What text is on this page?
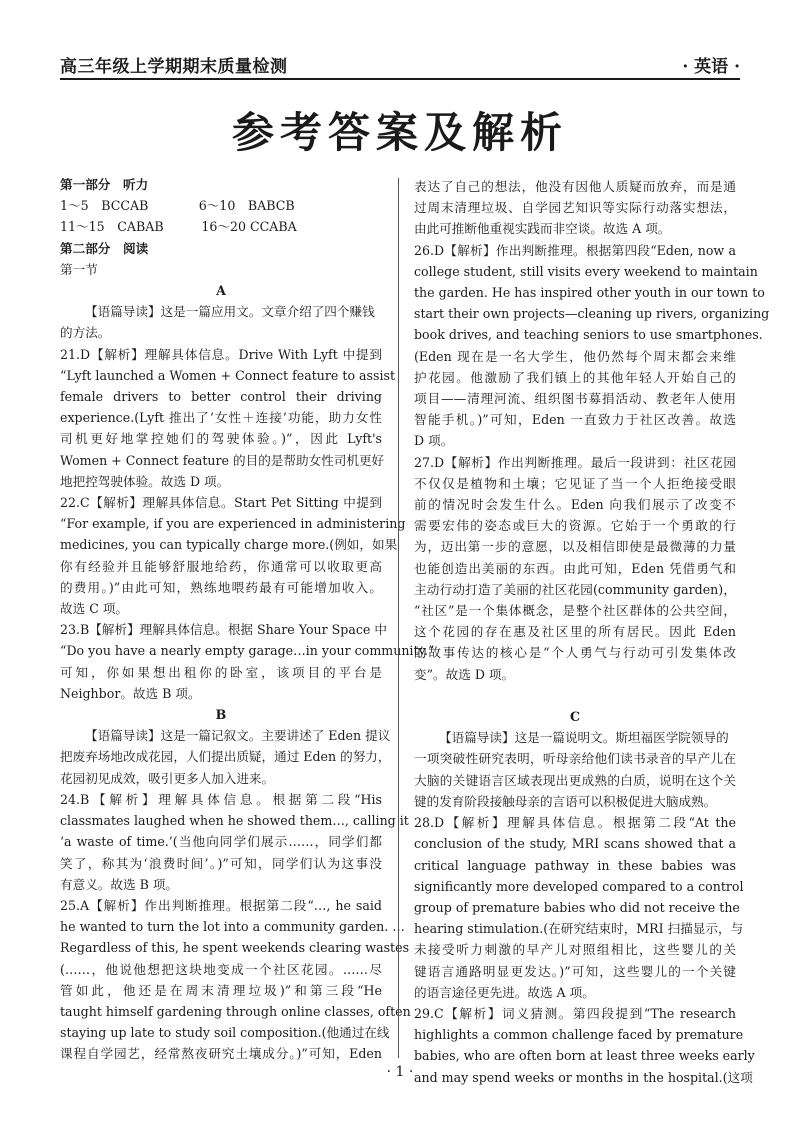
高三年级上学期期末质量检测	· 英语 ·
参考答案及解析
第一部分　听力
1～5　BCCAB　　　　6～10　BABCB
11～15　CABAB　　　16～20 CCABA
第二部分　阅读
第一节
A
【语篇导读】这是一篇应用文。文章介绍了四个赚钱
的方法。
21.D【解析】理解具体信息。Drive With Lyft 中提到
“Lyft launched a Women + Connect feature to assist
female drivers to better control their driving
experience.(Lyft 推出了‘女性＋连接’功能，助力女性
司机更好地掌控她们的驾驶体验。)”，因此 Lyft's
Women + Connect feature 的目的是帮助女性司机更好
地把控驾驶体验。故选 D 项。
22.C【解析】理解具体信息。Start Pet Sitting 中提到
“For example, if you are experienced in administering
medicines, you can typically charge more.(例如，如果
你有经验并且能够舒服地给药，你通常可以收取更高
的费用。)”由此可知，熟练地喂药最有可能增加收入。
故选 C 项。
23.B【解析】理解具体信息。根据 Share Your Space 中
“Do you have a nearly empty garage…in your community.”
可知，你如果想出租你的卧室，该项目的平台是
Neighbor。故选 B 项。
B
【语篇导读】这是一篇记叙文。主要讲述了 Eden 提议
把废弃场地改成花园，人们提出质疑，通过 Eden 的努力，
花园初见成效，吸引更多人加入进来。
24.B【解析】理解具体信息。根据第二段“His
classmates laughed when he showed them…, calling it
‘a waste of time.’(当他向同学们展示……，同学们都
笑了，称其为‘浪费时间’。)”可知，同学们认为这事没
有意义。故选 B 项。
25.A【解析】作出判断推理。根据第二段“…, he said
he wanted to turn the lot into a community garden. …
Regardless of this, he spent weekends clearing wastes
(……，他说他想把这块地变成一个社区花园。……尽
管如此，他还是在周末清理垃圾)”和第三段“He
taught himself gardening through online classes, often
staying up late to study soil composition.(他通过在线
课程自学园艺，经常熬夜研究土壤成分。)”可知，Eden
表达了自己的想法，他没有因他人质疑而放弃，而是通
过周末清理垃圾、自学园艺知识等实际行动落实想法，
由此可推断他重视实践而非空谈。故选 A 项。
26.D【解析】作出判断推理。根据第四段“Eden, now a
college student, still visits every weekend to maintain
the garden. He has inspired other youth in our town to
start their own projects—cleaning up rivers, organizing
book drives, and teaching seniors to use smartphones.
(Eden 现在是一名大学生，他仍然每个周末都会来维
护花园。他激励了我们镇上的其他年轻人开始自己的
项目——清理河流、组织图书募捐活动、教老年人使用
智能手机。)”可知，Eden 一直致力于社区改善。故选
D 项。
27.D【解析】作出判断推理。最后一段讲到：社区花园
不仅仅是植物和土壤；它见证了当一个人拒绝接受眼
前的情况时会发生什么。Eden 向我们展示了改变不
需要宏伟的姿态或巨大的资源。它始于一个勇敢的行
为，迈出第一步的意愿，以及相信即使是最微薄的力量
也能创造出美丽的东西。由此可知，Eden 凭借勇气和
主动行动打造了美丽的社区花园(community garden)，
“社区”是一个集体概念，是整个社区群体的公共空间，
这个花园的存在惠及社区里的所有居民。因此 Eden
的故事传达的核心是“个人勇气与行动可引发集体改
变”。故选 D 项。

C
【语篇导读】这是一篇说明文。斯坦福医学院领导的
一项突破性研究表明，听母亲给他们读书录音的早产儿在
大脑的关键语言区域表现出更成熟的白质，说明在这个关
键的发育阶段接触母亲的言语可以积极促进大脑成熟。
28.D【解析】理解具体信息。根据第二段“At the
conclusion of the study, MRI scans showed that a
critical language pathway in these babies was
significantly more developed compared to a control
group of premature babies who did not receive the
hearing stimulation.(在研究结束时，MRI 扫描显示，与
未接受听力刺激的早产儿对照组相比，这些婴儿的关
键语言通路明显更发达。)”可知，这些婴儿的一个关键
的语言途径更先进。故选 A 项。
29.C【解析】词义猜测。第四段提到“The research
highlights a common challenge faced by premature
babies, who are often born at least three weeks early
and may spend weeks or months in the hospital.(这项
· 1 ·
